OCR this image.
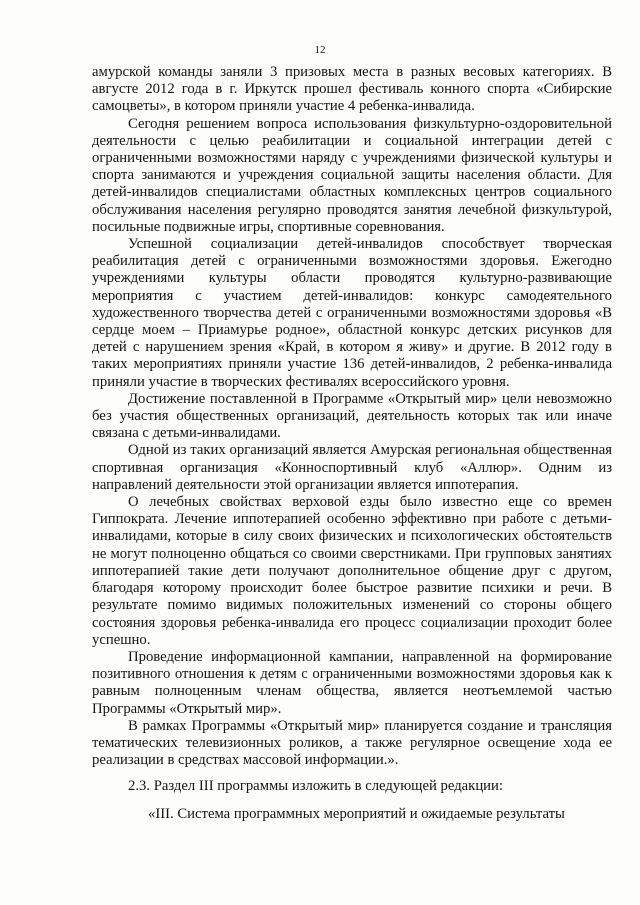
12

амурской команды заняли 3 призовых места в разных весовых категориях. В августе 2012 года в г. Иркутск прошел фестиваль конного спорта «Сибирские самоцветы», в котором приняли участие 4 ребенка-инвалида.

Сегодня решением вопроса использования физкультурно-оздоровительной деятельности с целью реабилитации и социальной интеграции детей с ограниченными возможностями наряду с учреждениями физической культуры и спорта занимаются и учреждения социальной защиты населения области. Для детей-инвалидов специалистами областных комплексных центров социального обслуживания населения регулярно проводятся занятия лечебной физкультурой, посильные подвижные игры, спортивные соревнования.

Успешной социализации детей-инвалидов способствует творческая реабилитация детей с ограниченными возможностями здоровья. Ежегодно учреждениями культуры области проводятся культурно-развивающие мероприятия с участием детей-инвалидов: конкурс самодеятельного художественного творчества детей с ограниченными возможностями здоровья «В сердце моем – Приамурье родное», областной конкурс детских рисунков для детей с нарушением зрения «Край, в котором я живу» и другие. В 2012 году в таких мероприятиях приняли участие 136 детей-инвалидов, 2 ребенка-инвалида приняли участие в творческих фестивалях всероссийского уровня.

Достижение поставленной в Программе «Открытый мир» цели невозможно без участия общественных организаций, деятельность которых так или иначе связана с детьми-инвалидами.

Одной из таких организаций является Амурская региональная общественная спортивная организация «Конноспортивный клуб «Аллюр». Одним из направлений деятельности этой организации является иппотерапия.

О лечебных свойствах верховой езды было известно еще со времен Гиппократа. Лечение иппотерапией особенно эффективно при работе с детьми-инвалидами, которые в силу своих физических и психологических обстоятельств не могут полноценно общаться со своими сверстниками. При групповых занятиях иппотерапией такие дети получают дополнительное общение друг с другом, благодаря которому происходит более быстрое развитие психики и речи. В результате помимо видимых положительных изменений со стороны общего состояния здоровья ребенка-инвалида его процесс социализации проходит более успешно.

Проведение информационной кампании, направленной на формирование позитивного отношения к детям с ограниченными возможностями здоровья как к равным полноценным членам общества, является неотъемлемой частью Программы «Открытый мир».

В рамках Программы «Открытый мир» планируется создание и трансляция тематических телевизионных роликов, а также регулярное освещение хода ее реализации в средствах массовой информации.».

2.3. Раздел III программы изложить в следующей редакции:

«III. Система программных мероприятий и ожидаемые результаты
